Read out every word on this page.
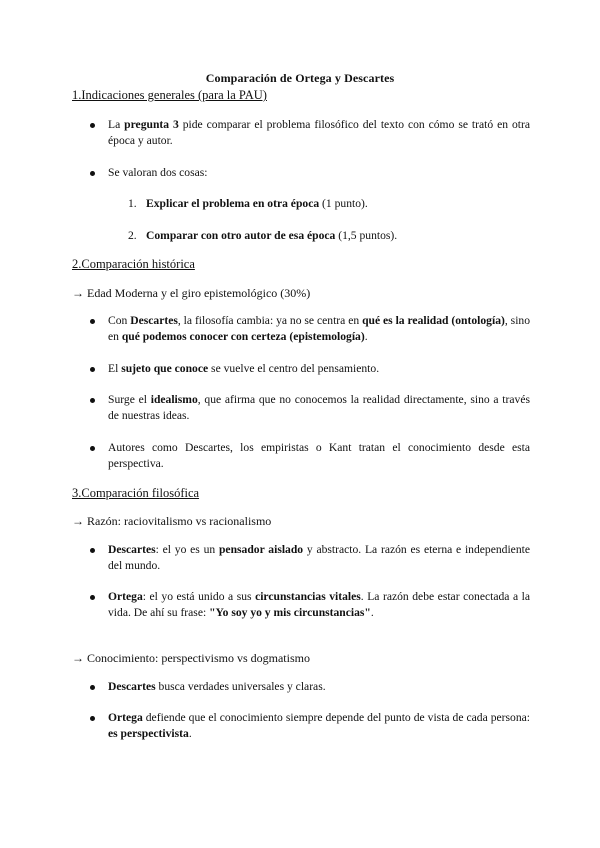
Comparación de Ortega y Descartes
1.Indicaciones generales (para la PAU)
La pregunta 3 pide comparar el problema filosófico del texto con cómo se trató en otra época y autor.
Se valoran dos cosas:
1. Explicar el problema en otra época (1 punto).
2. Comparar con otro autor de esa época (1,5 puntos).
2.Comparación histórica
→ Edad Moderna y el giro epistemológico (30%)
Con Descartes, la filosofía cambia: ya no se centra en qué es la realidad (ontología), sino en qué podemos conocer con certeza (epistemología).
El sujeto que conoce se vuelve el centro del pensamiento.
Surge el idealismo, que afirma que no conocemos la realidad directamente, sino a través de nuestras ideas.
Autores como Descartes, los empiristas o Kant tratan el conocimiento desde esta perspectiva.
3.Comparación filosófica
→ Razón: raciovitalismo vs racionalismo
Descartes: el yo es un pensador aislado y abstracto. La razón es eterna e independiente del mundo.
Ortega: el yo está unido a sus circunstancias vitales. La razón debe estar conectada a la vida. De ahí su frase: "Yo soy yo y mis circunstancias".
→ Conocimiento: perspectivismo vs dogmatismo
Descartes busca verdades universales y claras.
Ortega defiende que el conocimiento siempre depende del punto de vista de cada persona: es perspectivista.
